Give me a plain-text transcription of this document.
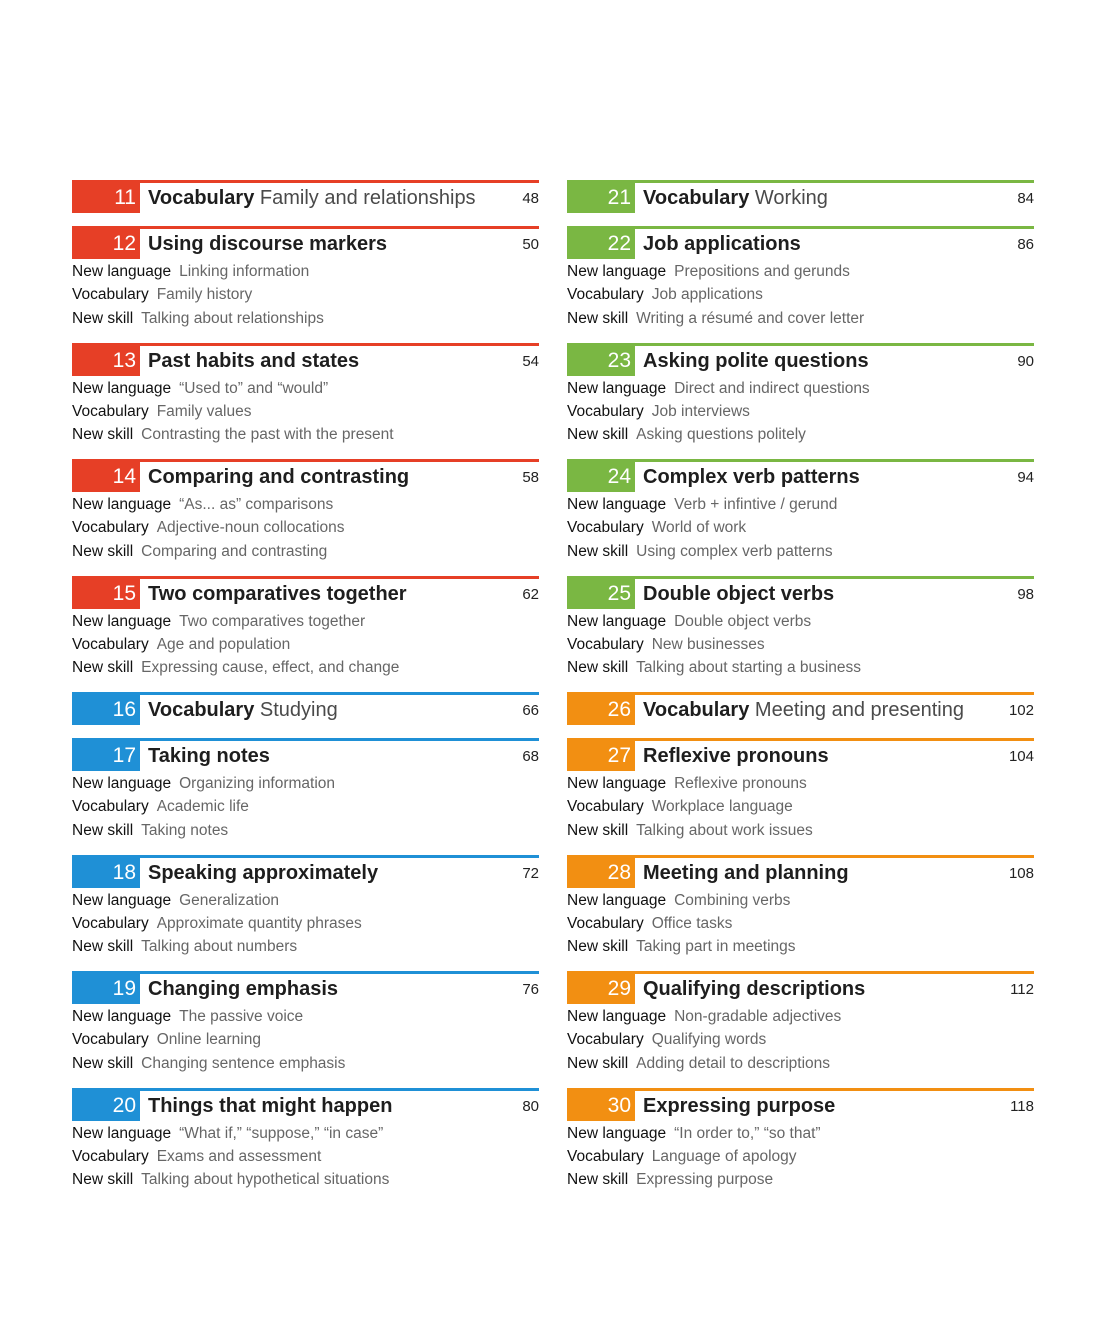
11 Vocabulary Family and relationships	48
12 Using discourse markers	50
New language Linking information
Vocabulary Family history
New skill Talking about relationships
13 Past habits and states	54
New language “Used to” and “would”
Vocabulary Family values
New skill Contrasting the past with the present
14 Comparing and contrasting	58
New language “As... as” comparisons
Vocabulary Adjective-noun collocations
New skill Comparing and contrasting
15 Two comparatives together	62
New language Two comparatives together
Vocabulary Age and population
New skill Expressing cause, effect, and change
16 Vocabulary Studying	66
17 Taking notes	68
New language Organizing information
Vocabulary Academic life
New skill Taking notes
18 Speaking approximately	72
New language Generalization
Vocabulary Approximate quantity phrases
New skill Talking about numbers
19 Changing emphasis	76
New language The passive voice
Vocabulary Online learning
New skill Changing sentence emphasis
20 Things that might happen	80
New language “What if,” “suppose,” “in case”
Vocabulary Exams and assessment
New skill Talking about hypothetical situations
21 Vocabulary Working	84
22 Job applications	86
New language Prepositions and gerunds
Vocabulary Job applications
New skill Writing a résumé and cover letter
23 Asking polite questions	90
New language Direct and indirect questions
Vocabulary Job interviews
New skill Asking questions politely
24 Complex verb patterns	94
New language Verb + infintive / gerund
Vocabulary World of work
New skill Using complex verb patterns
25 Double object verbs	98
New language Double object verbs
Vocabulary New businesses
New skill Talking about starting a business
26 Vocabulary Meeting and presenting	102
27 Reflexive pronouns	104
New language Reflexive pronouns
Vocabulary Workplace language
New skill Talking about work issues
28 Meeting and planning	108
New language Combining verbs
Vocabulary Office tasks
New skill Taking part in meetings
29 Qualifying descriptions	112
New language Non-gradable adjectives
Vocabulary Qualifying words
New skill Adding detail to descriptions
30 Expressing purpose	118
New language “In order to,” “so that”
Vocabulary Language of apology
New skill Expressing purpose
